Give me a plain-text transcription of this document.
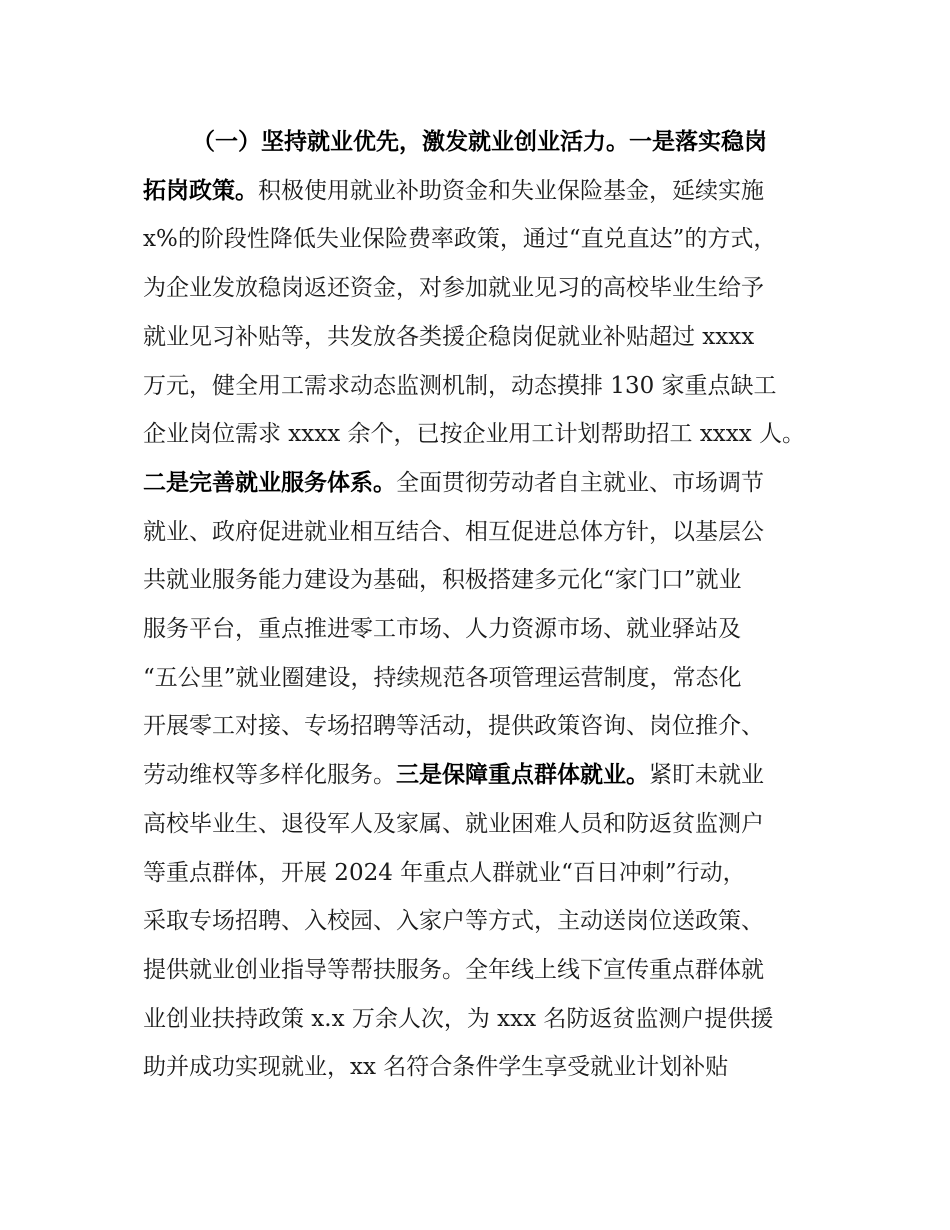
（一）坚持就业优先，激发就业创业活力。一是落实稳岗
拓岗政策。积极使用就业补助资金和失业保险基金，延续实施
x%的阶段性降低失业保险费率政策，通过“直兑直达”的方式，
为企业发放稳岗返还资金，对参加就业见习的高校毕业生给予
就业见习补贴等，共发放各类援企稳岗促就业补贴超过 xxxx
万元，健全用工需求动态监测机制，动态摸排 130 家重点缺工
企业岗位需求 xxxx 余个，已按企业用工计划帮助招工 xxxx 人。
二是完善就业服务体系。全面贯彻劳动者自主就业、市场调节
就业、政府促进就业相互结合、相互促进总体方针，以基层公
共就业服务能力建设为基础，积极搭建多元化“家门口”就业
服务平台，重点推进零工市场、人力资源市场、就业驿站及
“五公里”就业圈建设，持续规范各项管理运营制度，常态化
开展零工对接、专场招聘等活动，提供政策咨询、岗位推介、
劳动维权等多样化服务。三是保障重点群体就业。紧盯未就业
高校毕业生、退役军人及家属、就业困难人员和防返贫监测户
等重点群体，开展 2024 年重点人群就业“百日冲刺”行动，
采取专场招聘、入校园、入家户等方式，主动送岗位送政策、
提供就业创业指导等帮扶服务。全年线上线下宣传重点群体就
业创业扶持政策 x.x 万余人次，为 xxx 名防返贫监测户提供援
助并成功实现就业，xx 名符合条件学生享受就业计划补贴
